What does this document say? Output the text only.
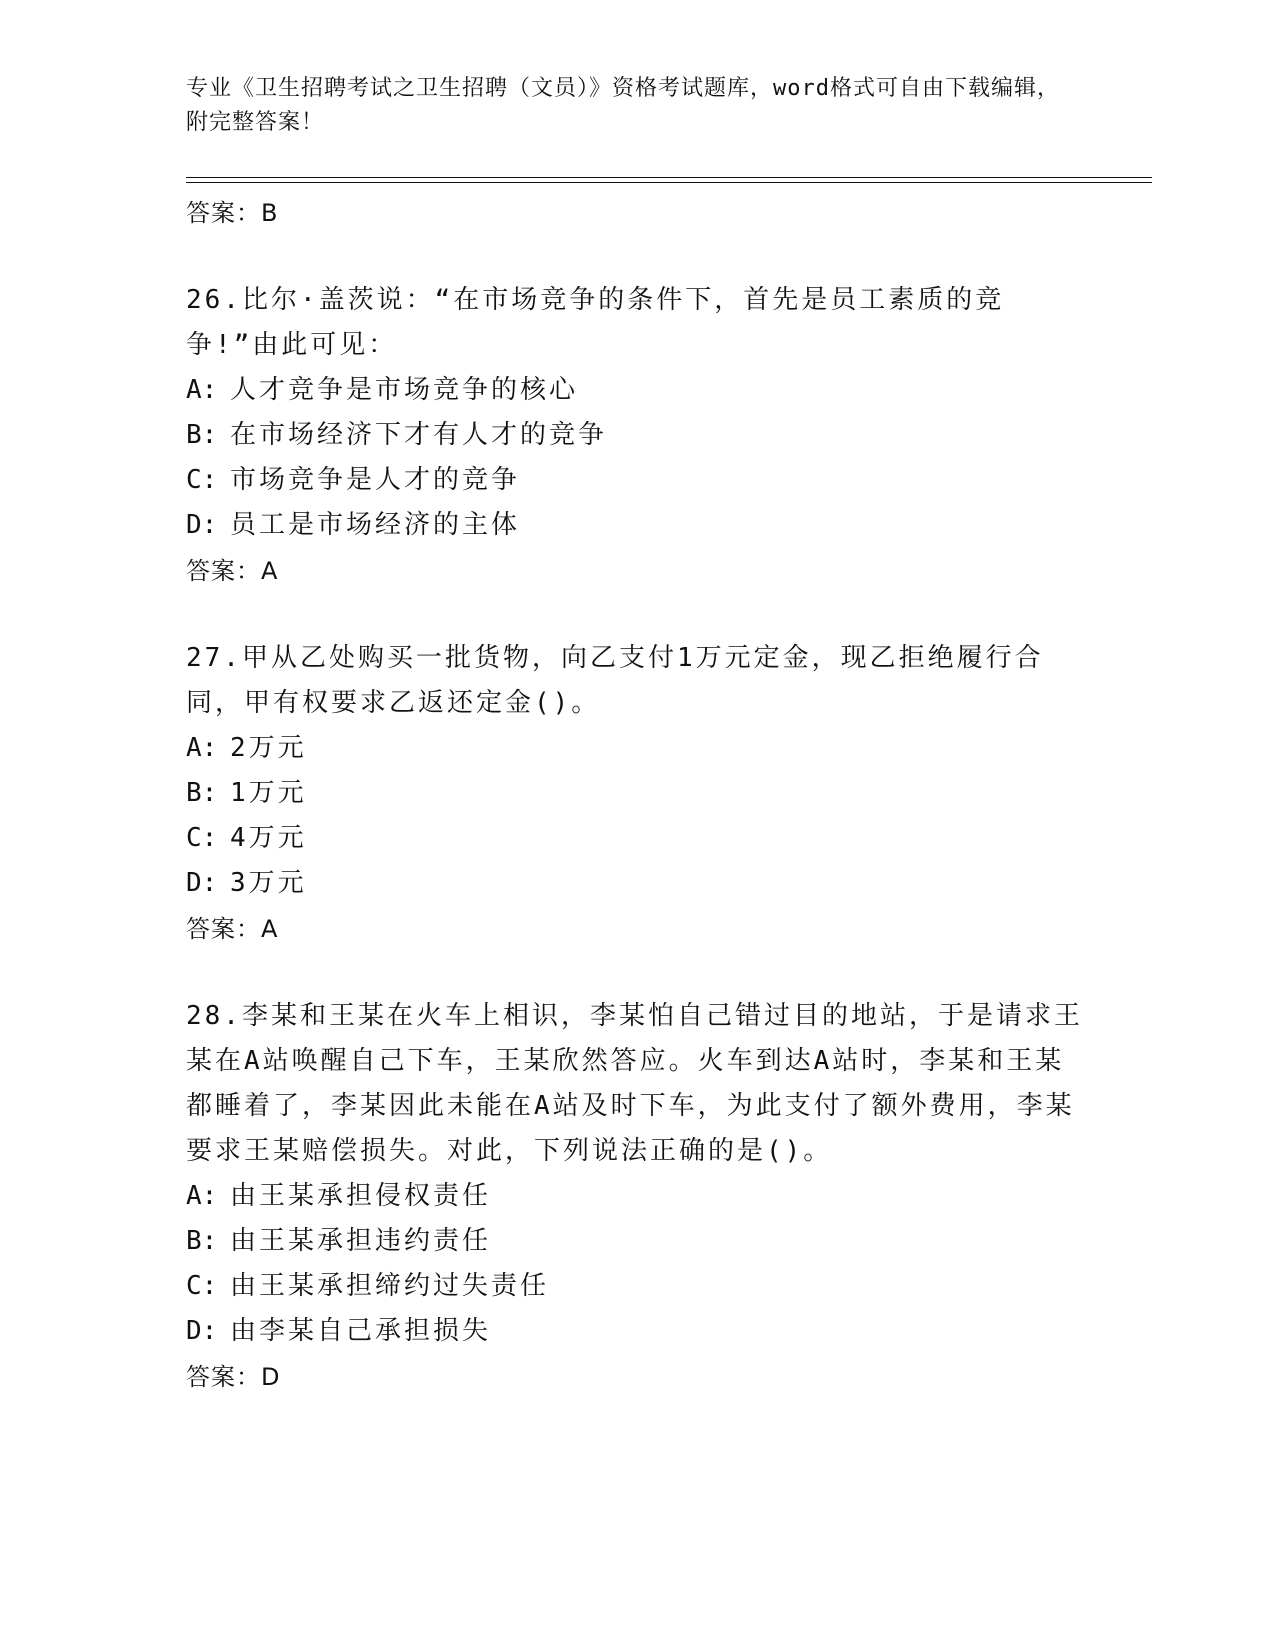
专业《卫生招聘考试之卫生招聘（文员）》资格考试题库，word格式可自由下载编辑，附完整答案！
答案：B

26.比尔·盖茨说：“在市场竞争的条件下，首先是员工素质的竞争!”由此可见：

A: 人才竞争是市场竞争的核心
B: 在市场经济下才有人才的竞争
C: 市场竞争是人才的竞争
D: 员工是市场经济的主体
答案：A

27.甲从乙处购买一批货物，向乙支付1万元定金，现乙拒绝履行合同，甲有权要求乙返还定金()。

A: 2万元
B: 1万元
C: 4万元
D: 3万元
答案：A

28.李某和王某在火车上相识，李某怕自己错过目的地站，于是请求王某在A站唤醒自己下车，王某欣然答应。火车到达A站时，李某和王某都睡着了，李某因此未能在A站及时下车，为此支付了额外费用，李某要求王某赔偿损失。对此，下列说法正确的是()。

A: 由王某承担侵权责任
B: 由王某承担违约责任
C: 由王某承担缔约过失责任
D: 由李某自己承担损失
答案：D
